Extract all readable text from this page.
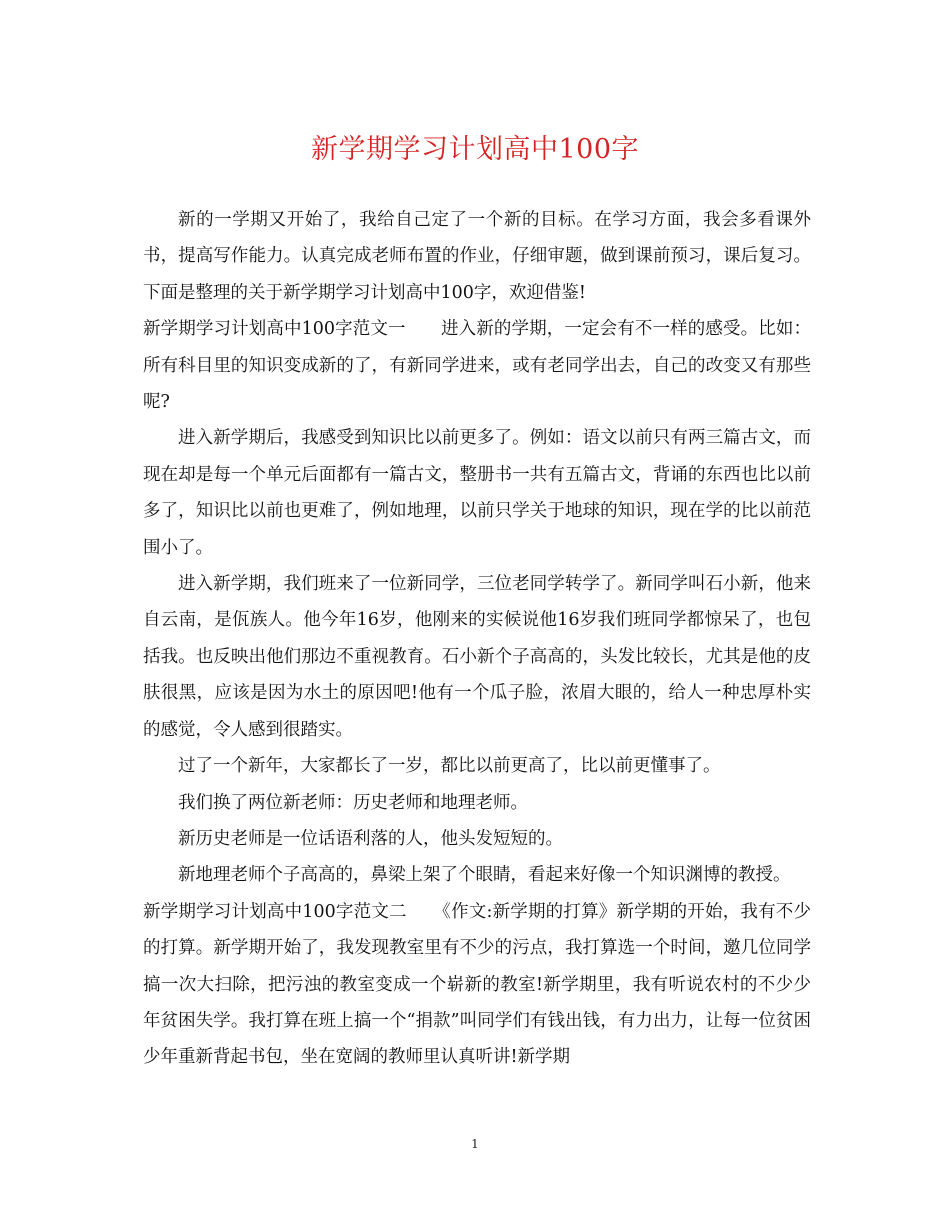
新学期学习计划高中100字

新的一学期又开始了，我给自己定了一个新的目标。在学习方面，我会多看课外书，提高写作能力。认真完成老师布置的作业，仔细审题，做到课前预习，课后复习。下面是整理的关于新学期学习计划高中100字，欢迎借鉴!

新学期学习计划高中100字范文一　　进入新的学期，一定会有不一样的感受。比如：所有科目里的知识变成新的了，有新同学进来，或有老同学出去，自己的改变又有那些呢?

进入新学期后，我感受到知识比以前更多了。例如：语文以前只有两三篇古文，而现在却是每一个单元后面都有一篇古文，整册书一共有五篇古文，背诵的东西也比以前多了，知识比以前也更难了，例如地理，以前只学关于地球的知识，现在学的比以前范围小了。

进入新学期，我们班来了一位新同学，三位老同学转学了。新同学叫石小新，他来自云南，是佤族人。他今年16岁，他刚来的实候说他16岁我们班同学都惊呆了，也包括我。也反映出他们那边不重视教育。石小新个子高高的，头发比较长，尤其是他的皮肤很黑，应该是因为水土的原因吧!他有一个瓜子脸，浓眉大眼的，给人一种忠厚朴实的感觉，令人感到很踏实。

过了一个新年，大家都长了一岁，都比以前更高了，比以前更懂事了。

我们换了两位新老师：历史老师和地理老师。

新历史老师是一位话语利落的人，他头发短短的。

新地理老师个子高高的，鼻梁上架了个眼睛，看起来好像一个知识渊博的教授。

新学期学习计划高中100字范文二　　《作文:新学期的打算》新学期的开始，我有不少的打算。新学期开始了，我发现教室里有不少的污点，我打算选一个时间，邀几位同学搞一次大扫除，把污浊的教室变成一个崭新的教室!新学期里，我有听说农村的不少少年贫困失学。我打算在班上搞一个“捐款”叫同学们有钱出钱，有力出力，让每一位贫困少年重新背起书包，坐在宽阔的教师里认真听讲!新学期

1
